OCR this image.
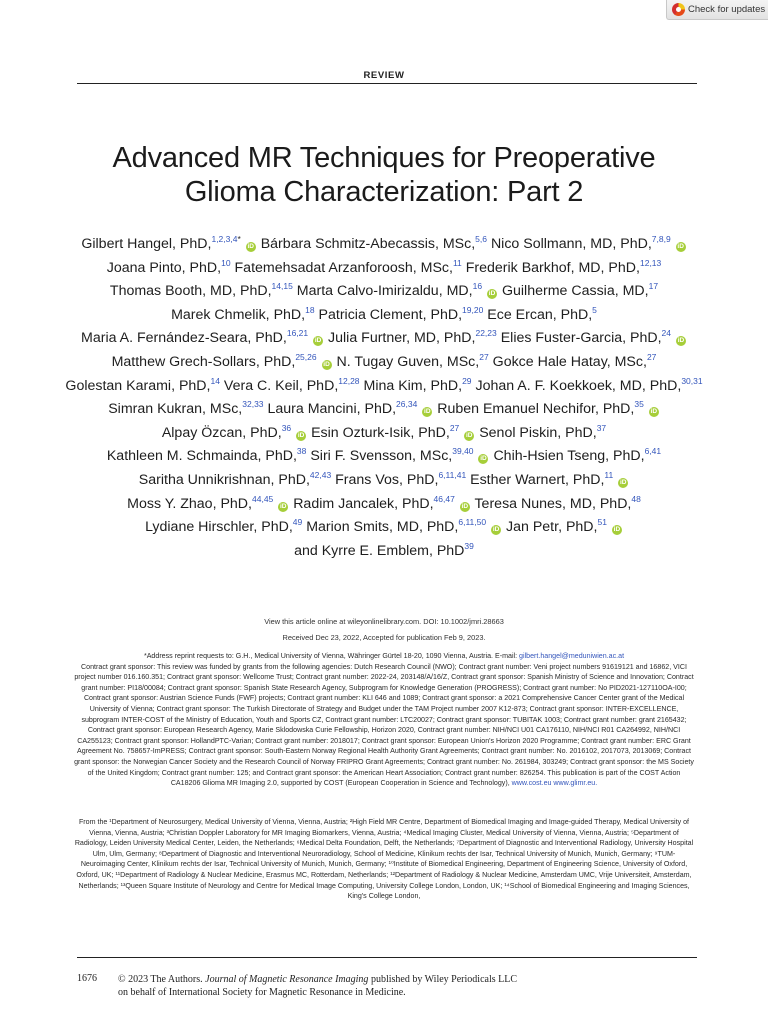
Check for updates
REVIEW
Advanced MR Techniques for Preoperative
Glioma Characterization: Part 2
Gilbert Hangel, PhD,$^{1,2,3,4*}$ iD Bárbara Schmitz-Abecassis, MSc,$^{5,6}$ Nico Sollmann, MD, PhD,$^{7,8,9}$ iD Joana Pinto, PhD,$^{10}$ Fatemehsadat Arzanforoosh, MSc,$^{11}$ Frederik Barkhof, MD, PhD,$^{12,13}$ Thomas Booth, MD, PhD,$^{14,15}$ Marta Calvo-Imirizaldu, MD,$^{16}$ iD Guilherme Cassia, MD,$^{17}$ Marek Chmelik, PhD,$^{18}$ Patricia Clement, PhD,$^{19,20}$ Ece Ercan, PhD,$^5$ Maria A. Fernández-Seara, PhD,$^{16,21}$ iD Julia Furtner, MD, PhD,$^{22,23}$ Elies Fuster-Garcia, PhD,$^{24}$ iD Matthew Grech-Sollars, PhD,$^{25,26}$ iD N. Tugay Guven, MSc,$^{27}$ Gokce Hale Hatay, MSc,$^{27}$ Golestan Karami, PhD,$^{14}$ Vera C. Keil, PhD,$^{12,28}$ Mina Kim, PhD,$^{29}$ Johan A. F. Koekkoek, MD, PhD,$^{30,31}$ Simran Kukran, MSc,$^{32,33}$ Laura Mancini, PhD,$^{26,34}$ iD Ruben Emanuel Nechifor, PhD,$^{35}$ iD Alpay Özcan, PhD,$^{36}$ iD Esin Ozturk-Isik, PhD,$^{27}$ iD Senol Piskin, PhD,$^{37}$ Kathleen M. Schmainda, PhD,$^{38}$ Siri F. Svensson, MSc,$^{39,40}$ iD Chih-Hsien Tseng, PhD,$^{6,41}$ Saritha Unnikrishnan, PhD,$^{42,43}$ Frans Vos, PhD,$^{6,11,41}$ Esther Warnert, PhD,$^{11}$ iD Moss Y. Zhao, PhD,$^{44,45}$ iD Radim Jancalek, PhD,$^{46,47}$ iD Teresa Nunes, MD, PhD,$^{48}$ Lydiane Hirschler, PhD,$^{49}$ Marion Smits, MD, PhD,$^{6,11,50}$ iD Jan Petr, PhD,$^{51}$ iD and Kyrre E. Emblem, PhD$^{39}$
View this article online at wileyonlinelibrary.com. DOI: 10.1002/jmri.28663
Received Dec 23, 2022, Accepted for publication Feb 9, 2023.
*Address reprint requests to: G.H., Medical University of Vienna, Währinger Gürtel 18-20, 1090 Vienna, Austria. E-mail: gilbert.hangel@meduniwien.ac.at
Contract grant sponsor: This review was funded by grants from the following agencies: Dutch Research Council (NWO); Contract grant number: Veni project numbers 91619121 and 16862, VICI project number 016.160.351; Contract grant sponsor: Wellcome Trust; Contract grant number: 2022-24, 203148/A/16/Z, Contract grant sponsor: Spanish Ministry of Science and Innovation; Contract grant number: PI18/00084; Contract grant sponsor: Spanish State Research Agency, Subprogram for Knowledge Generation (PROGRESS); Contract grant number: No PID2021-127110OA-I00; Contract grant sponsor: Austrian Science Funds (FWF) projects; Contract grant number: KLI 646 and 1089; Contract grant sponsor: a 2021 Comprehensive Cancer Center grant of the Medical University of Vienna; Contract grant sponsor: The Turkish Directorate of Strategy and Budget under the TAM Project number 2007 K12-873; Contract grant sponsor: INTER-EXCELLENCE, subprogram INTER-COST of the Ministry of Education, Youth and Sports CZ, Contract grant number: LTC20027; Contract grant sponsor: TUBITAK 1003; Contract grant number: grant 2165432; Contract grant sponsor: European Research Agency, Marie Sklodowska Curie Fellowship, Horizon 2020, Contract grant number: NIH/NCI U01 CA176110, NIH/NCI R01 CA264992, NIH/NCI CA255123; Contract grant sponsor: HollandPTC-Varian; Contract grant number: 2018017; Contract grant sponsor: European Union's Horizon 2020 Programme; Contract grant number: ERC Grant Agreement No. 758657-ImPRESS; Contract grant sponsor: South-Eastern Norway Regional Health Authority Grant Agreements; Contract grant number: No. 2016102, 2017073, 2013069; Contract grant sponsor: the Norwegian Cancer Society and the Research Council of Norway FRIPRO Grant Agreements; Contract grant number: No. 261984, 303249; Contract grant sponsor: the MS Society of the United Kingdom; Contract grant number: 125; and Contract grant sponsor: the American Heart Association; Contract grant number: 826254. This publication is part of the COST Action CA18206 Glioma MR Imaging 2.0, supported by COST (European Cooperation in Science and Technology), www.cost.eu www.glimr.eu.
From the ¹Department of Neurosurgery, Medical University of Vienna, Vienna, Austria; ²High Field MR Centre, Department of Biomedical Imaging and Image-guided Therapy, Medical University of Vienna, Vienna, Austria; ³Christian Doppler Laboratory for MR Imaging Biomarkers, Vienna, Austria; ⁴Medical Imaging Cluster, Medical University of Vienna, Vienna, Austria; ⁵Department of Radiology, Leiden University Medical Center, Leiden, the Netherlands; ⁶Medical Delta Foundation, Delft, the Netherlands; ⁷Department of Diagnostic and Interventional Radiology, University Hospital Ulm, Ulm, Germany; ⁸Department of Diagnostic and Interventional Neuroradiology, School of Medicine, Klinikum rechts der Isar, Technical University of Munich, Munich, Germany; ⁹TUM-Neuroimaging Center, Klinikum rechts der Isar, Technical University of Munich, Munich, Germany; ¹⁰Institute of Biomedical Engineering, Department of Engineering Science, University of Oxford, Oxford, UK; ¹¹Department of Radiology & Nuclear Medicine, Erasmus MC, Rotterdam, Netherlands; ¹²Department of Radiology & Nuclear Medicine, Amsterdam UMC, Vrije Universiteit, Amsterdam, Netherlands; ¹³Queen Square Institute of Neurology and Centre for Medical Image Computing, University College London, London, UK; ¹⁴School of Biomedical Engineering and Imaging Sciences, King's College London,
1676 © 2023 The Authors. Journal of Magnetic Resonance Imaging published by Wiley Periodicals LLC
on behalf of International Society for Magnetic Resonance in Medicine.
